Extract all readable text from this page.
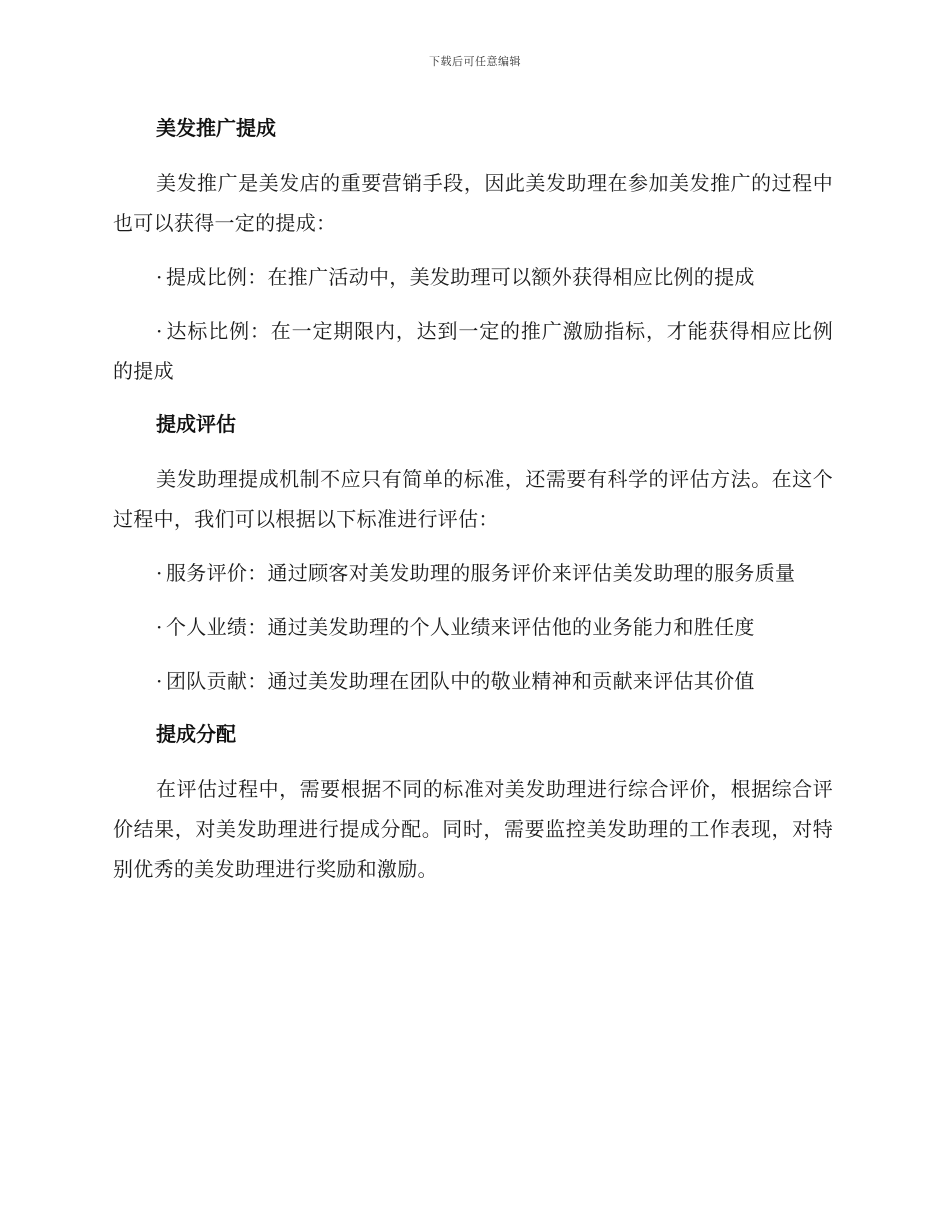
下载后可任意编辑
美发推广提成

美发推广是美发店的重要营销手段，因此美发助理在参加美发推广的过程中也可以获得一定的提成：

· 提成比例：在推广活动中，美发助理可以额外获得相应比例的提成

· 达标比例：在一定期限内，达到一定的推广激励指标，才能获得相应比例的提成

提成评估

美发助理提成机制不应只有简单的标准，还需要有科学的评估方法。在这个过程中，我们可以根据以下标准进行评估：

· 服务评价：通过顾客对美发助理的服务评价来评估美发助理的服务质量

· 个人业绩：通过美发助理的个人业绩来评估他的业务能力和胜任度

· 团队贡献：通过美发助理在团队中的敬业精神和贡献来评估其价值

提成分配

在评估过程中，需要根据不同的标准对美发助理进行综合评价，根据综合评价结果，对美发助理进行提成分配。同时，需要监控美发助理的工作表现，对特别优秀的美发助理进行奖励和激励。
